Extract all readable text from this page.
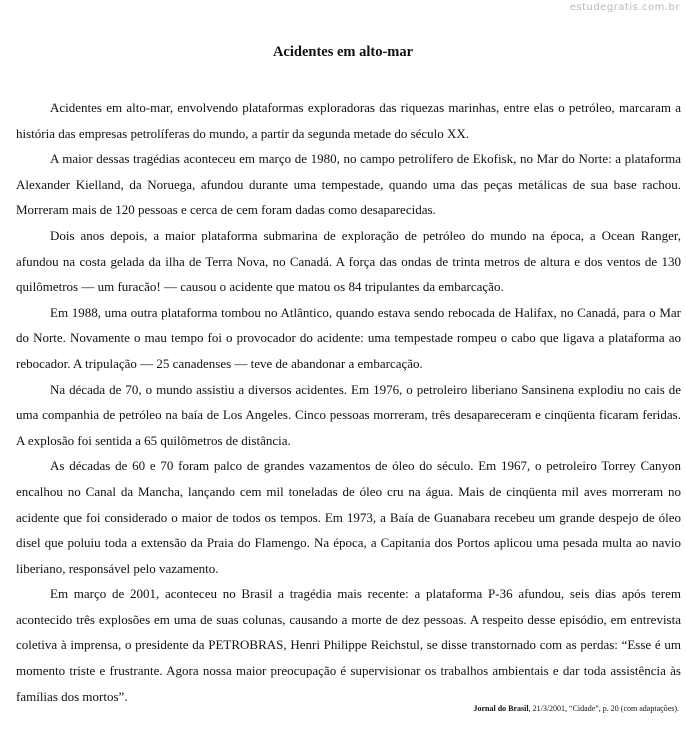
estudegratis.com.br
Acidentes em alto-mar

Acidentes em alto-mar, envolvendo plataformas exploradoras das riquezas marinhas, entre elas o petróleo, marcaram a história das empresas petrolíferas do mundo, a partir da segunda metade do século XX.

A maior dessas tragédias aconteceu em março de 1980, no campo petrolífero de Ekofisk, no Mar do Norte: a plataforma Alexander Kielland, da Noruega, afundou durante uma tempestade, quando uma das peças metálicas de sua base rachou. Morreram mais de 120 pessoas e cerca de cem foram dadas como desaparecidas.

Dois anos depois, a maior plataforma submarina de exploração de petróleo do mundo na época, a Ocean Ranger, afundou na costa gelada da ilha de Terra Nova, no Canadá. A força das ondas de trinta metros de altura e dos ventos de 130 quilômetros — um furacão! — causou o acidente que matou os 84 tripulantes da embarcação.

Em 1988, uma outra plataforma tombou no Atlântico, quando estava sendo rebocada de Halifax, no Canadá, para o Mar do Norte. Novamente o mau tempo foi o provocador do acidente: uma tempestade rompeu o cabo que ligava a plataforma ao rebocador. A tripulação — 25 canadenses — teve de abandonar a embarcação.

Na década de 70, o mundo assistiu a diversos acidentes. Em 1976, o petroleiro liberiano Sansinena explodiu no cais de uma companhia de petróleo na baía de Los Angeles. Cinco pessoas morreram, três desapareceram e cinqüenta ficaram feridas. A explosão foi sentida a 65 quilômetros de distância.

As décadas de 60 e 70 foram palco de grandes vazamentos de óleo do século. Em 1967, o petroleiro Torrey Canyon encalhou no Canal da Mancha, lançando cem mil toneladas de óleo cru na água. Mais de cinqüenta mil aves morreram no acidente que foi considerado o maior de todos os tempos. Em 1973, a Baía de Guanabara recebeu um grande despejo de óleo disel que poluiu toda a extensão da Praia do Flamengo. Na época, a Capitania dos Portos aplicou uma pesada multa ao navio liberiano, responsável pelo vazamento.

Em março de 2001, aconteceu no Brasil a tragédia mais recente: a plataforma P-36 afundou, seis dias após terem acontecido três explosões em uma de suas colunas, causando a morte de dez pessoas. A respeito desse episódio, em entrevista coletiva à imprensa, o presidente da PETROBRAS, Henri Philippe Reichstul, se disse transtornado com as perdas: “Esse é um momento triste e frustrante. Agora nossa maior preocupação é supervisionar os trabalhos ambientais e dar toda assistência às famílias dos mortos”.

Jornal do Brasil, 21/3/2001, “Cidade”, p. 20 (com adaptações).
